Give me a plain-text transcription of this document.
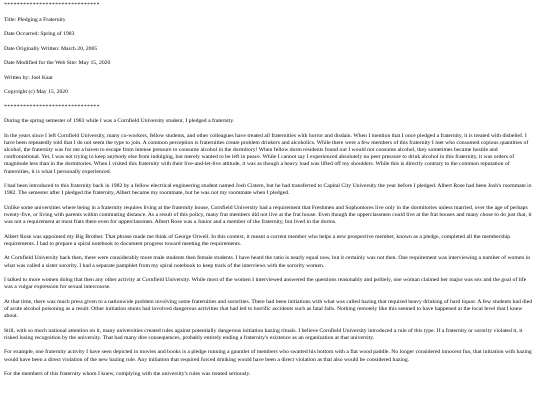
******************************

Title: Pledging a Fraternity

Date Occurred: Spring of 1983

Date Originally Written: March 20, 2005

Date Modified for the Web Site: May 15, 2020

Written by: Joel Kaat

Copyright (c) May 15, 2020

******************************

During the spring semester of 1983 while I was a Cornfield University student, I pledged a fraternity.

In the years since I left Cornfield University, many co-workers, fellow students, and other colleagues have treated all fraternities with horror and disdain. When I mention that I once pledged a fraternity, it is treated with disbelief. I have been repeatedly told that I do not seem the type to join. A common perception is fraternities create problem drinkers and alcoholics. While there were a few members of this fraternity I met who consumed copious quantities of alcohol, the fraternity was for me a haven to escape from intense pressure to consume alcohol in the dormitory! When fellow dorm residents found out I would not consume alcohol, they sometimes became hostile and confrontational. Yet, I was not trying to keep anybody else from indulging, but merely wanted to be left in peace. While I cannot say I experienced absolutely no peer pressure to drink alcohol in this fraternity, it was orders of magnitude less than in the dormitories. When I visited this fraternity with their live-and-let-live attitude, it was as though a heavy load was lifted off my shoulders. While this is directly contrary to the common reputation of fraternities, it is what I personally experienced.

I had been introduced to this fraternity back in 1982 by a fellow electrical engineering student named Josh Cistern, but he had transferred to Capital City University the year before I pledged. Albert Rose had been Josh's roommate in 1982. The semester after I pledged the fraternity, Albert became my roommate, but he was not my roommate when I pledged.

Unlike some universities where being in a fraternity requires living at the fraternity house, Cornfield University had a requirement that Freshmen and Sophomores live only in the dormitories unless married, over the age of perhaps twenty-five, or living with parents within commuting distance. As a result of this policy, many frat members did not live at the frat house. Even though the upperclassmen could live at the frat houses and many chose to do just that, it was not a requirement at most frats there even for upperclassmen. Albert Rose was a Junior and a member of the fraternity, but lived in the dorms.

Albert Rose was appointed my Big Brother. That phrase made me think of George Orwell. In this context, it meant a current member who helps a new prospective member, known as a pledge, completed all the membership requirements. I had to prepare a spiral notebook to document progress toward meeting the requirements.

At Cornfield University back then, there were considerably more male students then female students. I have heard the ratio is nearly equal now, but it certainly was not then. One requirement was interviewing a number of women in what was called a sister sorority. I had a separate pamphlet from my spiral notebook to keep track of the interviews with the sorority women.

I talked to more women doing that then any other activity at Cornfield University. While most of the women I interviewed answered the questions reasonably and politely, one woman claimed her major was sex and the goal of life was a vulgar expression for sexual intercourse.

At that time, there was much press given to a nationwide problem involving some fraternities and sororities. There had been initiations with what was called hazing that required heavy drinking of hard liquor. A few students had died of acute alcohol poisoning as a result. Other initiation stunts had involved dangerous activities that had led to horrific accidents such as fatal falls. Nothing remotely like this seemed to have happened at the local level that I knew about.

Still, with so much national attention on it, many universities created rules against potentially dangerous initiation hazing rituals. I believe Cornfield University introduced a rule of this type. If a fraternity or sorority violated it, it risked losing recognition by the university. That had many dire consequences, probably entirely ending a fraternity's existence as an organization at that university.

For example, one fraternity activity I have seen depicted in movies and books is a pledge running a gauntlet of members who swatted his bottom with a flat wood paddle. No longer considered innocent fun, that initiation with hazing would have been a direct violation of the new hazing rule. Any initiation that required forced drinking would have been a direct violation as that also would be considered hazing.

For the members of this fraternity whom I knew, complying with the university's rules was treated seriously.
